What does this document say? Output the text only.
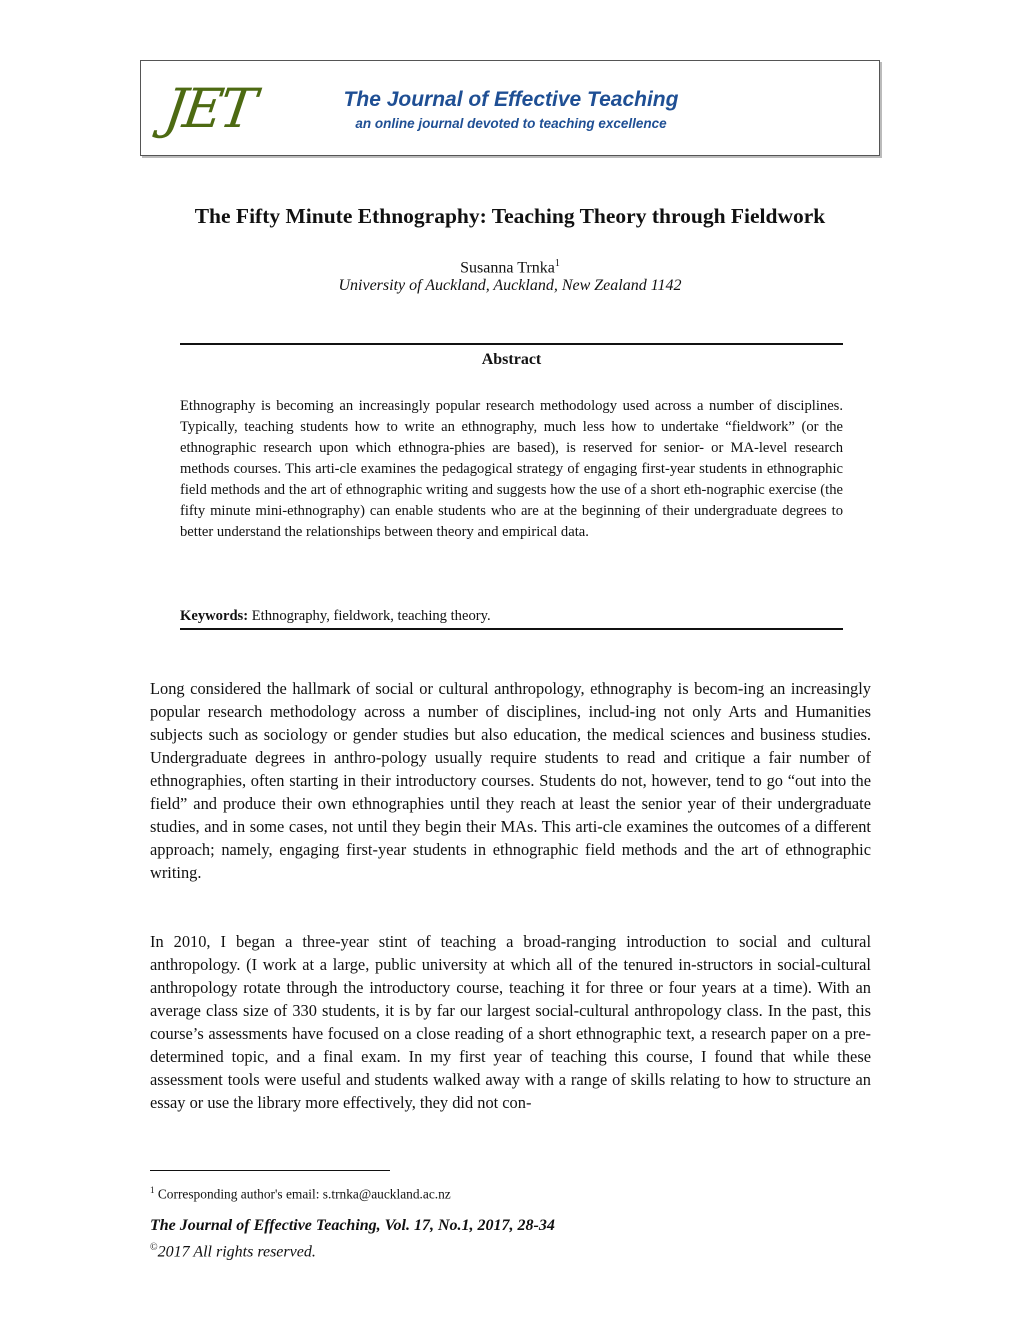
JET	The Journal of Effective Teaching
an online journal devoted to teaching excellence
The Fifty Minute Ethnography: Teaching Theory through Fieldwork
Susanna Trnka$^1$
University of Auckland, Auckland, New Zealand 1142
Abstract
Ethnography is becoming an increasingly popular research methodology used across a number of disciplines. Typically, teaching students how to write an ethnography, much less how to undertake “fieldwork” (or the ethnographic research upon which ethnogra-phies are based), is reserved for senior- or MA-level research methods courses. This arti-cle examines the pedagogical strategy of engaging first-year students in ethnographic field methods and the art of ethnographic writing and suggests how the use of a short eth-nographic exercise (the fifty minute mini-ethnography) can enable students who are at the beginning of their undergraduate degrees to better understand the relationships between theory and empirical data.
Keywords: Ethnography, fieldwork, teaching theory.
Long considered the hallmark of social or cultural anthropology, ethnography is becom-ing an increasingly popular research methodology across a number of disciplines, includ-ing not only Arts and Humanities subjects such as sociology or gender studies but also education, the medical sciences and business studies. Undergraduate degrees in anthro-pology usually require students to read and critique a fair number of ethnographies, often starting in their introductory courses. Students do not, however, tend to go “out into the field” and produce their own ethnographies until they reach at least the senior year of their undergraduate studies, and in some cases, not until they begin their MAs. This arti-cle examines the outcomes of a different approach; namely, engaging first-year students in ethnographic field methods and the art of ethnographic writing.
In 2010, I began a three-year stint of teaching a broad-ranging introduction to social and cultural anthropology. (I work at a large, public university at which all of the tenured in-structors in social-cultural anthropology rotate through the introductory course, teaching it for three or four years at a time). With an average class size of 330 students, it is by far our largest social-cultural anthropology class. In the past, this course’s assessments have focused on a close reading of a short ethnographic text, a research paper on a pre-determined topic, and a final exam. In my first year of teaching this course, I found that while these assessment tools were useful and students walked away with a range of skills relating to how to structure an essay or use the library more effectively, they did not con-
$^1$ Corresponding author's email: s.trnka@auckland.ac.nz
The Journal of Effective Teaching, Vol. 17, No.1, 2017, 28-34
©2017 All rights reserved.
